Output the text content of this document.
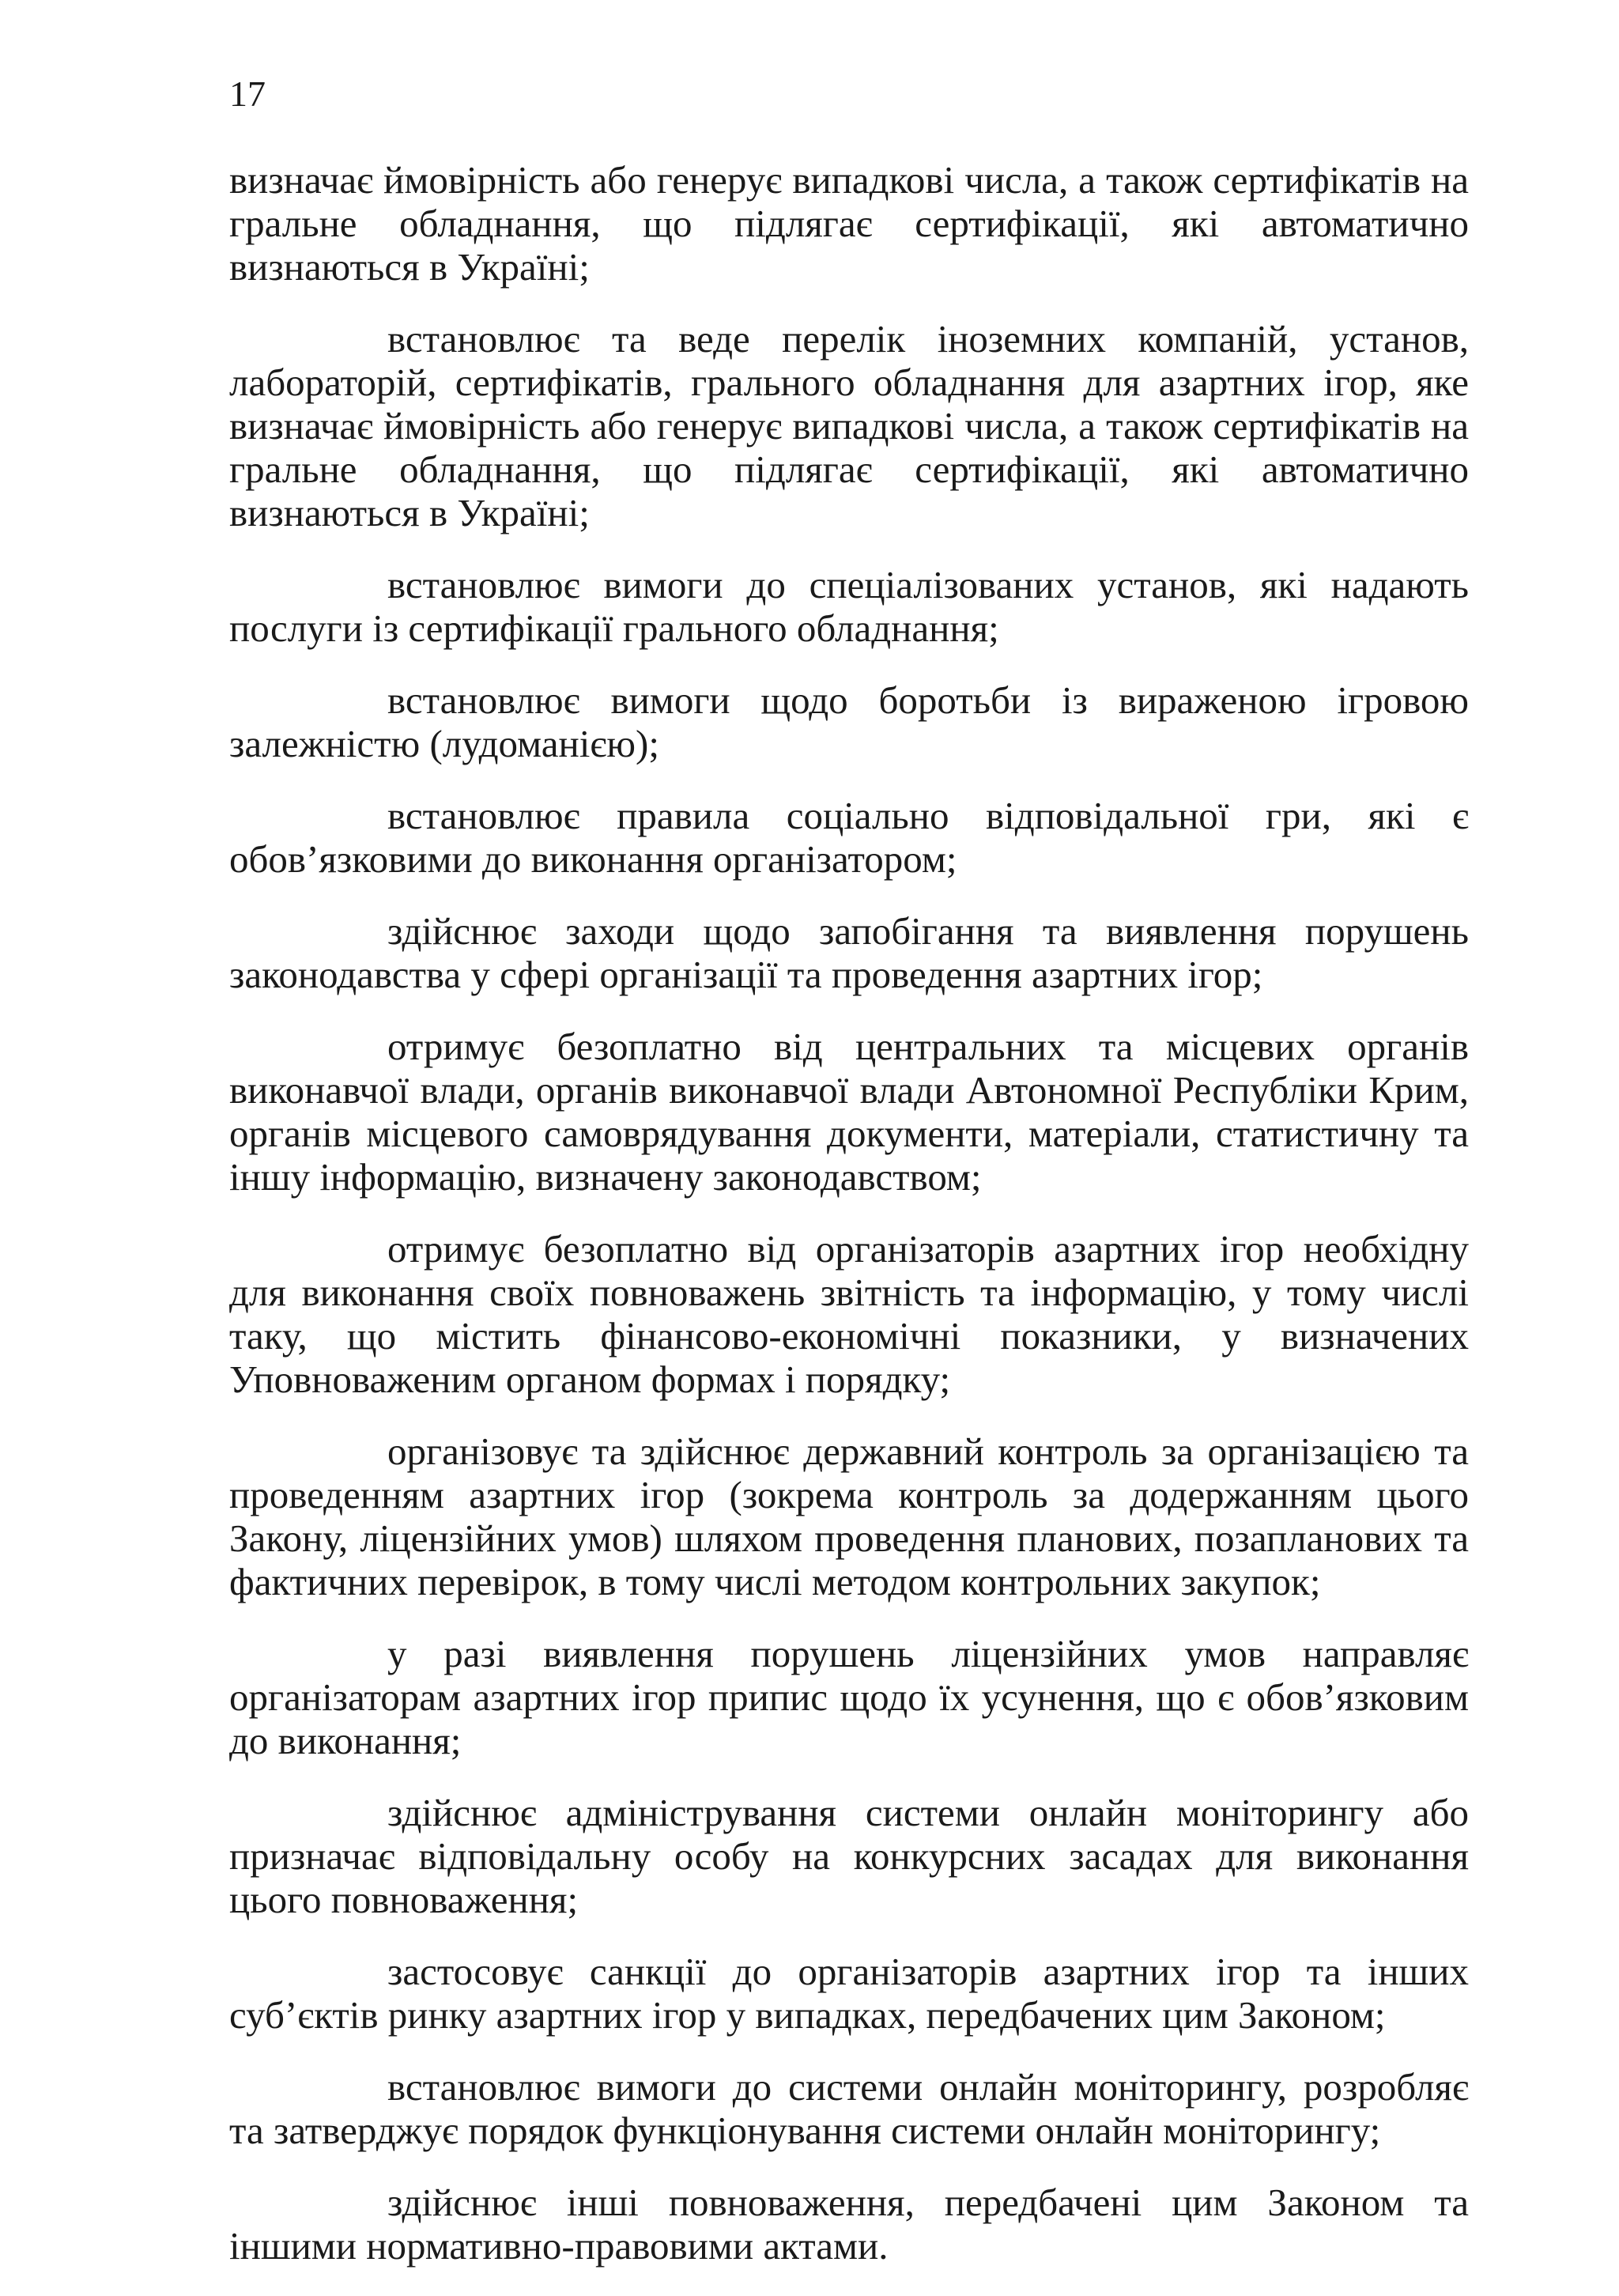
17

визначає ймовірність або генерує випадкові числа, а також сертифікатів на гральне обладнання, що підлягає сертифікації, які автоматично визнаються в Україні;

встановлює та веде перелік іноземних компаній, установ, лабораторій, сертифікатів, грального обладнання для азартних ігор, яке визначає ймовірність або генерує випадкові числа, а також сертифікатів на гральне обладнання, що підлягає сертифікації, які автоматично визнаються в Україні;

встановлює вимоги до спеціалізованих установ, які надають послуги із сертифікації грального обладнання;

встановлює вимоги щодо боротьби із вираженою ігровою залежністю (лудоманією);

встановлює правила соціально відповідальної гри, які є обов’язковими до виконання організатором;

здійснює заходи щодо запобігання та виявлення порушень законодавства у сфері організації та проведення азартних ігор;

отримує безоплатно від центральних та місцевих органів виконавчої влади, органів виконавчої влади Автономної Республіки Крим, органів місцевого самоврядування документи, матеріали, статистичну та іншу інформацію, визначену законодавством;

отримує безоплатно від організаторів азартних ігор необхідну для виконання своїх повноважень звітність та інформацію, у тому числі таку, що містить фінансово-економічні показники, у визначених Уповноваженим органом формах і порядку;

організовує та здійснює державний контроль за організацією та проведенням азартних ігор (зокрема контроль за додержанням цього Закону, ліцензійних умов) шляхом проведення планових, позапланових та фактичних перевірок, в тому числі методом контрольних закупок;

у разі виявлення порушень ліцензійних умов направляє організаторам азартних ігор припис щодо їх усунення, що є обов’язковим до виконання;

здійснює адміністрування системи онлайн моніторингу або призначає відповідальну особу на конкурсних засадах для виконання цього повноваження;

застосовує санкції до організаторів азартних ігор та інших суб’єктів ринку азартних ігор у випадках, передбачених цим Законом;

встановлює вимоги до системи онлайн моніторингу, розробляє та затверджує порядок функціонування системи онлайн моніторингу;

здійснює інші повноваження, передбачені цим Законом та іншими нормативно-правовими актами.
